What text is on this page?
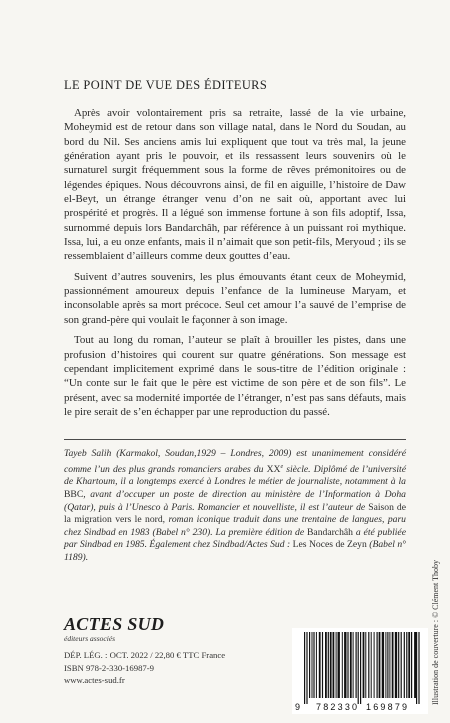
LE POINT DE VUE DES ÉDITEURS

Après avoir volontairement pris sa retraite, lassé de la vie urbaine, Moheymid est de retour dans son village natal, dans le Nord du Soudan, au bord du Nil. Ses anciens amis lui expliquent que tout va très mal, la jeune génération ayant pris le pouvoir, et ils ressassent leurs souvenirs où le surnaturel surgit fréquemment sous la forme de rêves prémonitoires ou de légendes épiques. Nous découvrons ainsi, de fil en aiguille, l’histoire de Daw el-Beyt, un étrange étranger venu d’on ne sait où, apportant avec lui prospérité et progrès. Il a légué son immense fortune à son fils adoptif, Issa, surnommé depuis lors Bandarchâh, par référence à un puissant roi mythique. Issa, lui, a eu onze enfants, mais il n’aimait que son petit-fils, Meryoud ; ils se ressemblaient d’ailleurs comme deux gouttes d’eau.

Suivent d’autres souvenirs, les plus émouvants étant ceux de Moheymid, passionnément amoureux depuis l’enfance de la lumineuse Maryam, et inconsolable après sa mort précoce. Seul cet amour l’a sauvé de l’emprise de son grand-père qui voulait le façonner à son image.

Tout au long du roman, l’auteur se plaît à brouiller les pistes, dans une profusion d’histoires qui courent sur quatre générations. Son message est cependant implicitement exprimé dans le sous-titre de l’édition originale : “Un conte sur le fait que le père est victime de son père et de son fils”. Le présent, avec sa modernité importée de l’étranger, n’est pas sans défauts, mais le pire serait de s’en échapper par une reproduction du passé.

Tayeb Salih (Karmakol, Soudan,1929 – Londres, 2009) est unanimement considéré comme l’un des plus grands romanciers arabes du XXe siècle. Diplômé de l’université de Khartoum, il a longtemps exercé à Londres le métier de journaliste, notamment à la BBC, avant d’occuper un poste de direction au ministère de l’Information à Doha (Qatar), puis à l’Unesco à Paris. Romancier et nouvelliste, il est l’auteur de Saison de la migration vers le nord, roman iconique traduit dans une trentaine de langues, paru chez Sindbad en 1983 (Babel n° 230). La première édition de Bandarchâh a été publiée par Sindbad en 1985. Également chez Sindbad/Actes Sud : Les Noces de Zeyn (Babel n° 1189).
ACTES SUD
éditeurs associés
DÉP. LÉG. : OCT. 2022 / 22,80 € TTC France
ISBN 978-2-330-16987-9
www.actes-sud.fr
9 782330 169879
Illustration de couverture : © Clément Thoby
